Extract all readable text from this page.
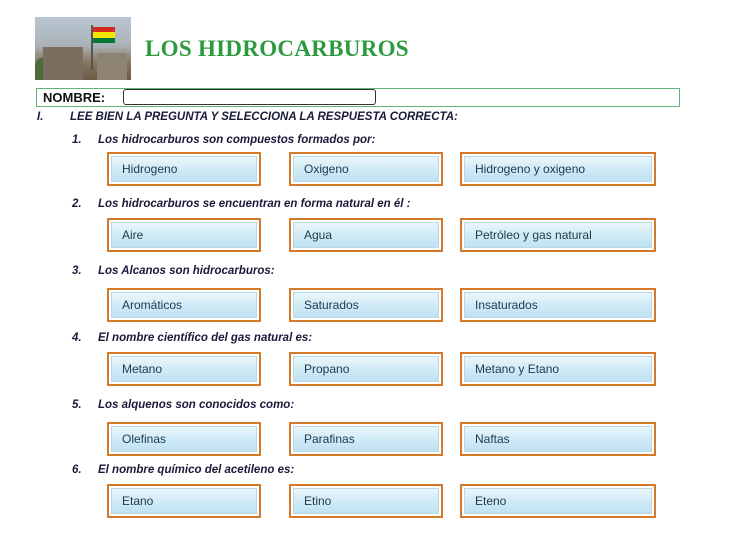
LOS HIDROCARBUROS
NOMBRE:
I. LEE BIEN LA PREGUNTA Y SELECCIONA LA RESPUESTA CORRECTA:
1. Los hidrocarburos son compuestos formados por:
Hidrogeno	Oxigeno	Hidrogeno y oxigeno
2. Los hidrocarburos se encuentran en forma natural en él :
Aire	Agua	Petróleo y gas natural
3. Los Alcanos son hidrocarburos:
Aromáticos	Saturados	Insaturados
4. El nombre científico del gas natural es:
Metano	Propano	Metano y Etano
5. Los alquenos son conocidos como:
Olefinas	Parafinas	Naftas
6. El nombre químico del acetileno es:
Etano	Etino	Eteno
